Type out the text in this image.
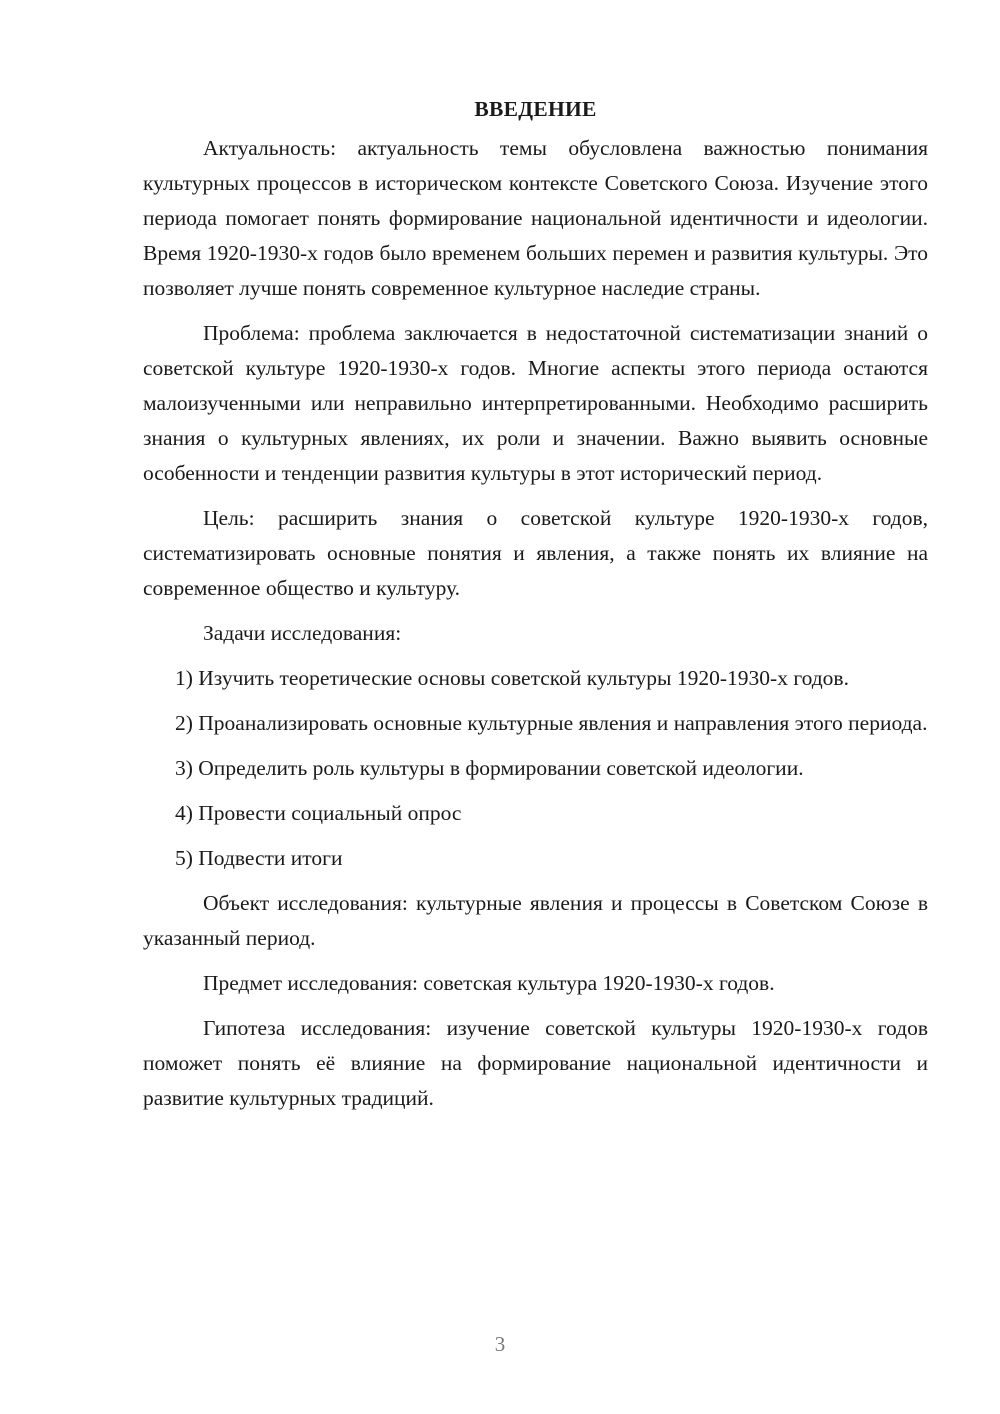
ВВЕДЕНИЕ

Актуальность: актуальность темы обусловлена важностью понимания культурных процессов в историческом контексте Советского Союза. Изучение этого периода помогает понять формирование национальной идентичности и идеологии. Время 1920-1930-х годов было временем больших перемен и развития культуры. Это позволяет лучше понять современное культурное наследие страны.

Проблема: проблема заключается в недостаточной систематизации знаний о советской культуре 1920-1930-х годов. Многие аспекты этого периода остаются малоизученными или неправильно интерпретированными. Необходимо расширить знания о культурных явлениях, их роли и значении. Важно выявить основные особенности и тенденции развития культуры в этот исторический период.

Цель: расширить знания о советской культуре 1920-1930-х годов, систематизировать основные понятия и явления, а также понять их влияние на современное общество и культуру.

Задачи исследования:

1) Изучить теоретические основы советской культуры 1920-1930-х годов.

2) Проанализировать основные культурные явления и направления этого периода.

3) Определить роль культуры в формировании советской идеологии.

4) Провести социальный опрос

5) Подвести итоги

Объект исследования: культурные явления и процессы в Советском Союзе в указанный период.

Предмет исследования: советская культура 1920-1930-х годов.

Гипотеза исследования: изучение советской культуры 1920-1930-х годов поможет понять её влияние на формирование национальной идентичности и развитие культурных традиций.

3
